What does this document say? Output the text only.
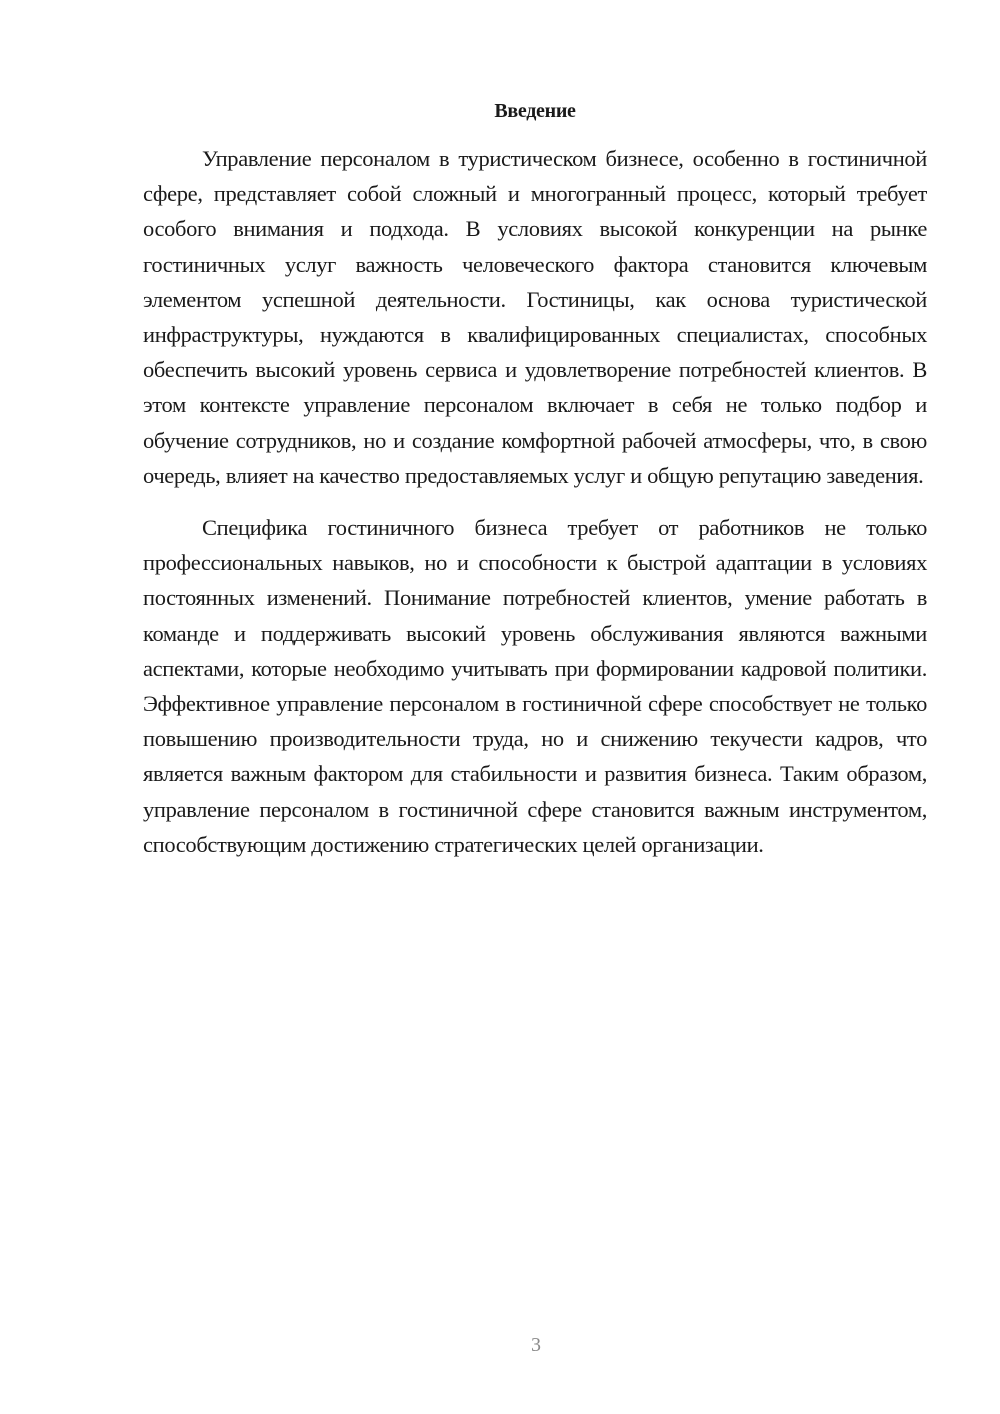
Введение

Управление персоналом в туристическом бизнесе, особенно в гостиничной сфере, представляет собой сложный и многогранный процесс, который требует особого внимания и подхода. В условиях высокой конкуренции на рынке гостиничных услуг важность человеческого фактора становится ключевым элементом успешной деятельности. Гостиницы, как основа туристической инфраструктуры, нуждаются в квалифицированных специалистах, способных обеспечить высокий уровень сервиса и удовлетворение потребностей клиентов. В этом контексте управление персоналом включает в себя не только подбор и обучение сотрудников, но и создание комфортной рабочей атмосферы, что, в свою очередь, влияет на качество предоставляемых услуг и общую репутацию заведения.

Специфика гостиничного бизнеса требует от работников не только профессиональных навыков, но и способности к быстрой адаптации в условиях постоянных изменений. Понимание потребностей клиентов, умение работать в команде и поддерживать высокий уровень обслуживания являются важными аспектами, которые необходимо учитывать при формировании кадровой политики. Эффективное управление персоналом в гостиничной сфере способствует не только повышению производительности труда, но и снижению текучести кадров, что является важным фактором для стабильности и развития бизнеса. Таким образом, управление персоналом в гостиничной сфере становится важным инструментом, способствующим достижению стратегических целей организации.

3
